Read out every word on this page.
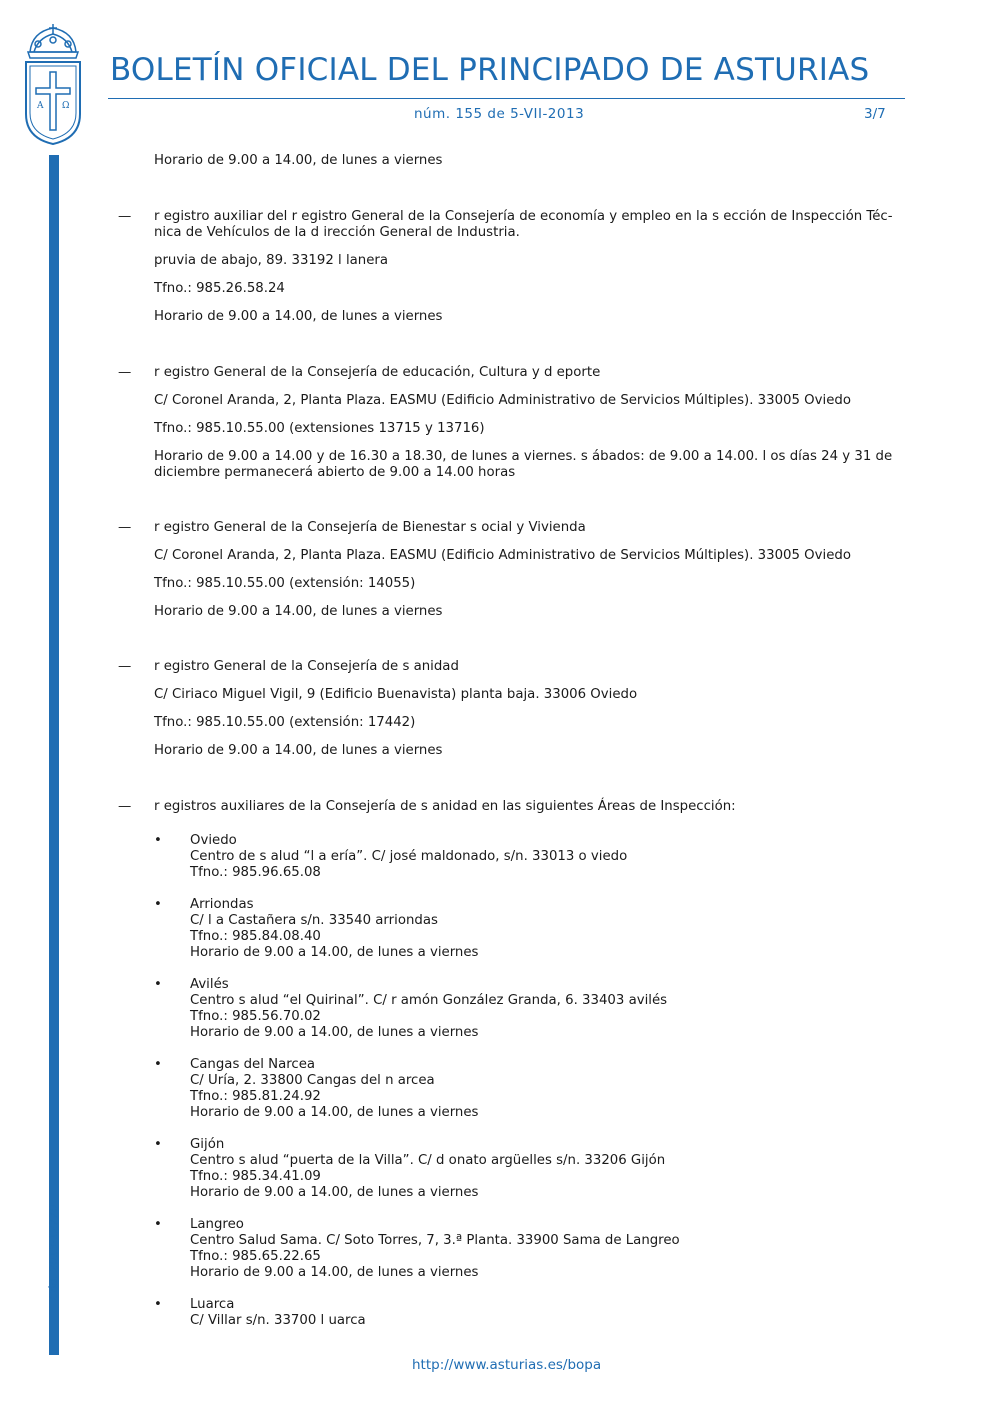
A Ω
BOLETÍN OFICIAL DEL PRINCIPADO DE ASTURIAS
núm. 155 de 5-VII-2013	3/7
Cód. 2013-12770
Horario de 9.00 a 14.00, de lunes a viernes
— r egistro auxiliar del r egistro General de la Consejería de economía y empleo en la s ección de Inspección Téc-
nica de Vehículos de la d irección General de Industria.
pruvia de abajo, 89. 33192 l lanera
Tfno.: 985.26.58.24
Horario de 9.00 a 14.00, de lunes a viernes
— r egistro General de la Consejería de educación, Cultura y d eporte
C/ Coronel Aranda, 2, Planta Plaza. EASMU (Edificio Administrativo de Servicios Múltiples). 33005 Oviedo
Tfno.: 985.10.55.00 (extensiones 13715 y 13716)
Horario de 9.00 a 14.00 y de 16.30 a 18.30, de lunes a viernes. s ábados: de 9.00 a 14.00. l os días 24 y 31 de
diciembre permanecerá abierto de 9.00 a 14.00 horas
— r egistro General de la Consejería de Bienestar s ocial y Vivienda
C/ Coronel Aranda, 2, Planta Plaza. EASMU (Edificio Administrativo de Servicios Múltiples). 33005 Oviedo
Tfno.: 985.10.55.00 (extensión: 14055)
Horario de 9.00 a 14.00, de lunes a viernes
— r egistro General de la Consejería de s anidad
C/ Ciriaco Miguel Vigil, 9 (Edificio Buenavista) planta baja. 33006 Oviedo
Tfno.: 985.10.55.00 (extensión: 17442)
Horario de 9.00 a 14.00, de lunes a viernes
— r egistros auxiliares de la Consejería de s anidad en las siguientes Áreas de Inspección:
• Oviedo
Centro de s alud “l a ería”. C/ josé maldonado, s/n. 33013 o viedo
Tfno.: 985.96.65.08
• Arriondas
C/ l a Castañera s/n. 33540 arriondas
Tfno.: 985.84.08.40
Horario de 9.00 a 14.00, de lunes a viernes
• Avilés
Centro s alud “el Quirinal”. C/ r amón González Granda, 6. 33403 avilés
Tfno.: 985.56.70.02
Horario de 9.00 a 14.00, de lunes a viernes
• Cangas del Narcea
C/ Uría, 2. 33800 Cangas del n arcea
Tfno.: 985.81.24.92
Horario de 9.00 a 14.00, de lunes a viernes
• Gijón
Centro s alud “puerta de la Villa”. C/ d onato argüelles s/n. 33206 Gijón
Tfno.: 985.34.41.09
Horario de 9.00 a 14.00, de lunes a viernes
• Langreo
Centro Salud Sama. C/ Soto Torres, 7, 3.ª Planta. 33900 Sama de Langreo
Tfno.: 985.65.22.65
Horario de 9.00 a 14.00, de lunes a viernes
• Luarca
C/ Villar s/n. 33700 l uarca
http://www.asturias.es/bopa
